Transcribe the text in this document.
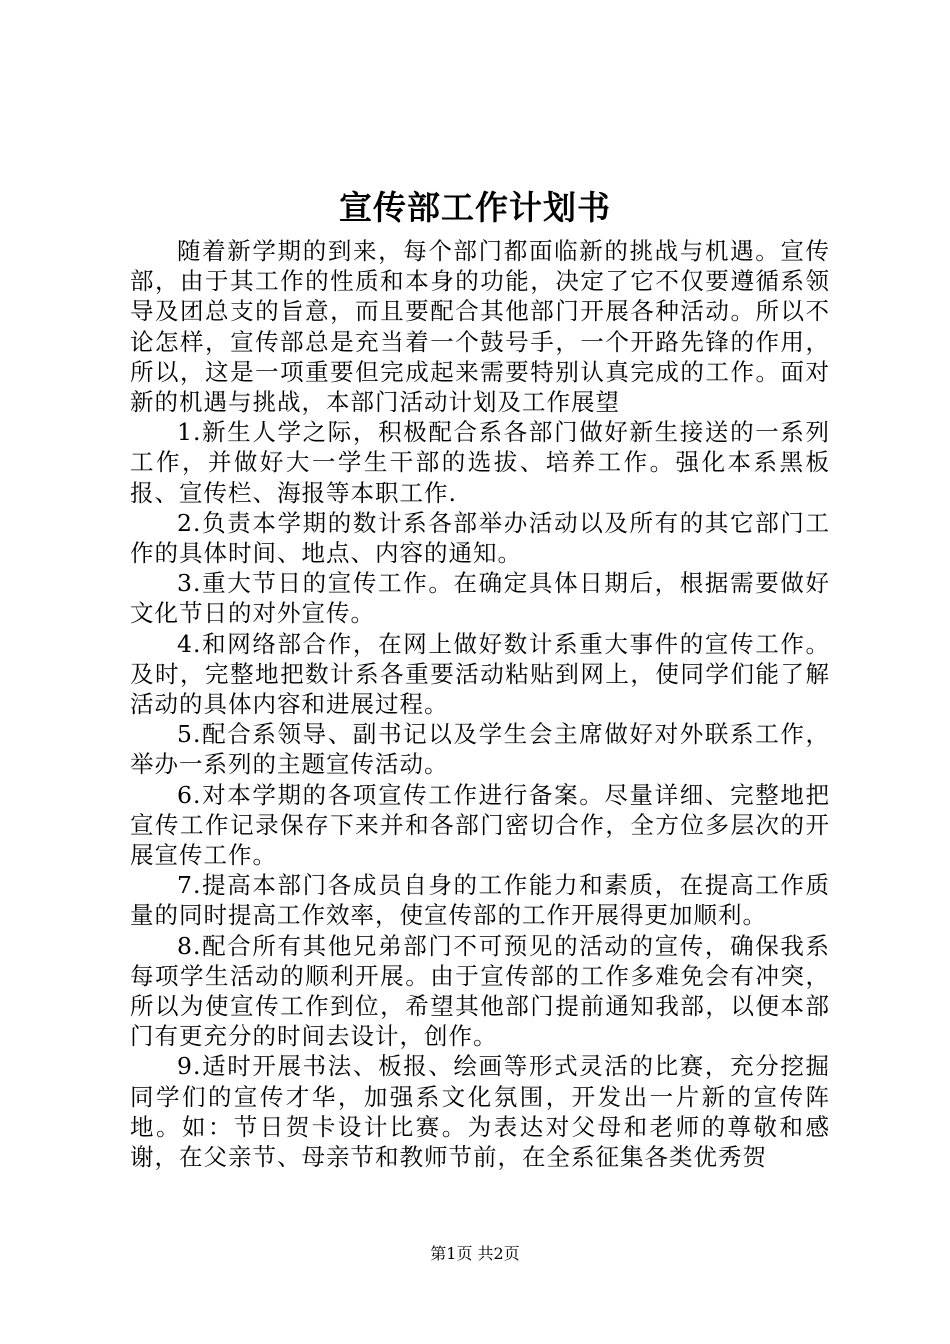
宣传部工作计划书

随着新学期的到来，每个部门都面临新的挑战与机遇。宣传部，由于其工作的性质和本身的功能，决定了它不仅要遵循系领导及团总支的旨意，而且要配合其他部门开展各种活动。所以不论怎样，宣传部总是充当着一个鼓号手，一个开路先锋的作用，所以，这是一项重要但完成起来需要特别认真完成的工作。面对新的机遇与挑战，本部门活动计划及工作展望

1.新生人学之际，积极配合系各部门做好新生接送的一系列工作，并做好大一学生干部的选拔、培养工作。强化本系黑板报、宣传栏、海报等本职工作.

2.负责本学期的数计系各部举办活动以及所有的其它部门工作的具体时间、地点、内容的通知。

3.重大节日的宣传工作。在确定具体日期后，根据需要做好文化节日的对外宣传。

4.和网络部合作，在网上做好数计系重大事件的宣传工作。及时，完整地把数计系各重要活动粘贴到网上，使同学们能了解活动的具体内容和进展过程。

5.配合系领导、副书记以及学生会主席做好对外联系工作，举办一系列的主题宣传活动。

6.对本学期的各项宣传工作进行备案。尽量详细、完整地把宣传工作记录保存下来并和各部门密切合作，全方位多层次的开展宣传工作。

7.提高本部门各成员自身的工作能力和素质，在提高工作质量的同时提高工作效率，使宣传部的工作开展得更加顺利。

8.配合所有其他兄弟部门不可预见的活动的宣传，确保我系每项学生活动的顺利开展。由于宣传部的工作多难免会有冲突，所以为使宣传工作到位，希望其他部门提前通知我部，以便本部门有更充分的时间去设计，创作。

9.适时开展书法、板报、绘画等形式灵活的比赛，充分挖掘同学们的宣传才华，加强系文化氛围，开发出一片新的宣传阵地。如：节日贺卡设计比赛。为表达对父母和老师的尊敬和感谢，在父亲节、母亲节和教师节前，在全系征集各类优秀贺

第1页 共2页
